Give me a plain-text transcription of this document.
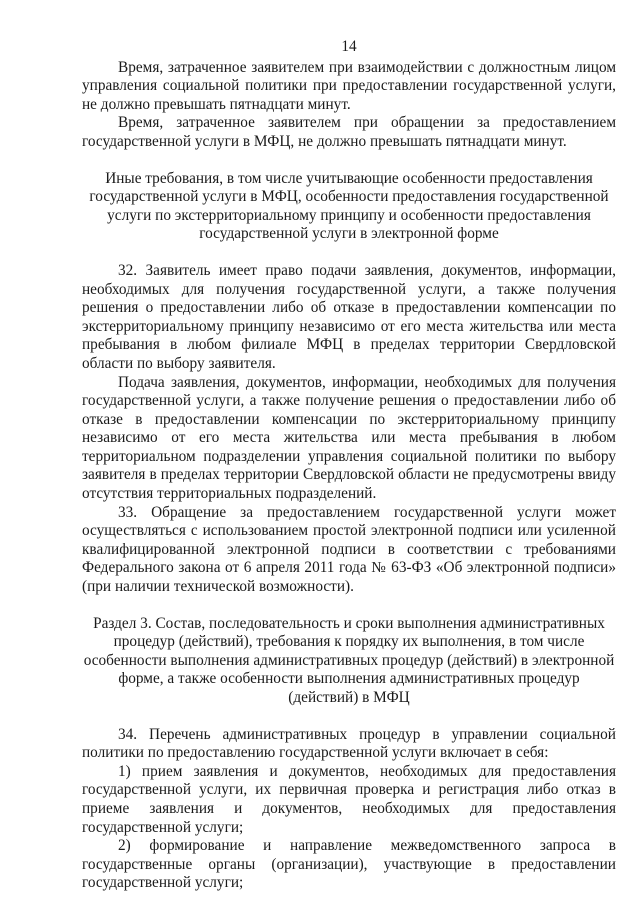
14

Время, затраченное заявителем при взаимодействии с должностным лицом управления социальной политики при предоставлении государственной услуги, не должно превышать пятнадцати минут.

Время, затраченное заявителем при обращении за предоставлением государственной услуги в МФЦ, не должно превышать пятнадцати минут.

Иные требования, в том числе учитывающие особенности предоставления государственной услуги в МФЦ, особенности предоставления государственной услуги по экстерриториальному принципу и особенности предоставления государственной услуги в электронной форме

32. Заявитель имеет право подачи заявления, документов, информации, необходимых для получения государственной услуги, а также получения решения о предоставлении либо об отказе в предоставлении компенсации по экстерриториальному принципу независимо от его места жительства или места пребывания в любом филиале МФЦ в пределах территории Свердловской области по выбору заявителя.

Подача заявления, документов, информации, необходимых для получения государственной услуги, а также получение решения о предоставлении либо об отказе в предоставлении компенсации по экстерриториальному принципу независимо от его места жительства или места пребывания в любом территориальном подразделении управления социальной политики по выбору заявителя в пределах территории Свердловской области не предусмотрены ввиду отсутствия территориальных подразделений.

33. Обращение за предоставлением государственной услуги может осуществляться с использованием простой электронной подписи или усиленной квалифицированной электронной подписи в соответствии с требованиями Федерального закона от 6 апреля 2011 года № 63-ФЗ «Об электронной подписи» (при наличии технической возможности).

Раздел 3. Состав, последовательность и сроки выполнения административных процедур (действий), требования к порядку их выполнения, в том числе особенности выполнения административных процедур (действий) в электронной форме, а также особенности выполнения административных процедур (действий) в МФЦ

34. Перечень административных процедур в управлении социальной политики по предоставлению государственной услуги включает в себя:

1) прием заявления и документов, необходимых для предоставления государственной услуги, их первичная проверка и регистрация либо отказ в приеме заявления и документов, необходимых для предоставления государственной услуги;

2) формирование и направление межведомственного запроса в государственные органы (организации), участвующие в предоставлении государственной услуги;
